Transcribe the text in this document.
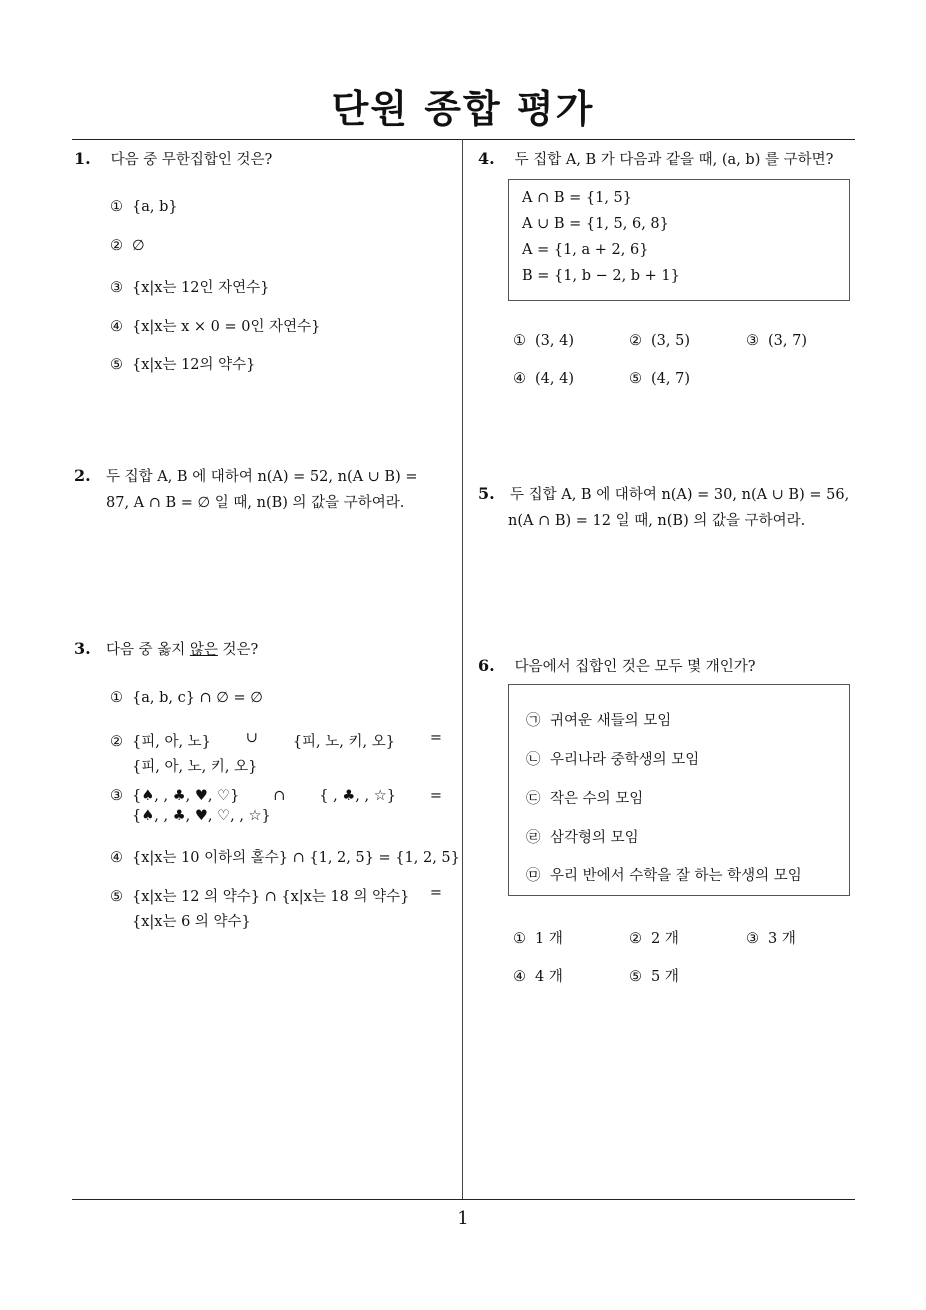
단원 종합 평가
1
1. 다음 중 무한집합인 것은?
① {a, b}
② ∅
③ {x|x는 12인 자연수}
④ {x|x는 x × 0 = 0인 자연수}
⑤ {x|x는 12의 약수}
2. 두 집합 A, B 에 대하여 n(A) = 52, n(A ∪ B) =
87, A ∩ B = ∅ 일 때, n(B) 의 값을 구하여라.
3. 다음 중 옳지 않은 것은?
① {a, b, c} ∩ ∅ = ∅
② {피, 아, 노} ∪ {피, 노, 키, 오} =
{피, 아, 노, 키, 오}
③ {♠, , ♣, ♥, ♡} ∩ { , ♣, , ☆} =
{♠, , ♣, ♥, ♡, , ☆}
④ {x|x는 10 이하의 홀수} ∩ {1, 2, 5} = {1, 2, 5}
⑤ {x|x는 12 의 약수} ∩ {x|x는 18 의 약수} =
{x|x는 6 의 약수}
4. 두 집합 A, B 가 다음과 같을 때, (a, b) 를 구하면?
A ∩ B = {1, 5}
A ∪ B = {1, 5, 6, 8}
A = {1, a + 2, 6}
B = {1, b − 2, b + 1}
① (3, 4)	② (3, 5)	③ (3, 7)
④ (4, 4)	⑤ (4, 7)
5. 두 집합 A, B 에 대하여 n(A) = 30, n(A ∪ B) = 56,
n(A ∩ B) = 12 일 때, n(B) 의 값을 구하여라.
6. 다음에서 집합인 것은 모두 몇 개인가?
㉠ 귀여운 새들의 모임
㉡ 우리나라 중학생의 모임
㉢ 작은 수의 모임
㉣ 삼각형의 모임
㉤ 우리 반에서 수학을 잘 하는 학생의 모임
① 1 개	② 2 개	③ 3 개
④ 4 개	⑤ 5 개
